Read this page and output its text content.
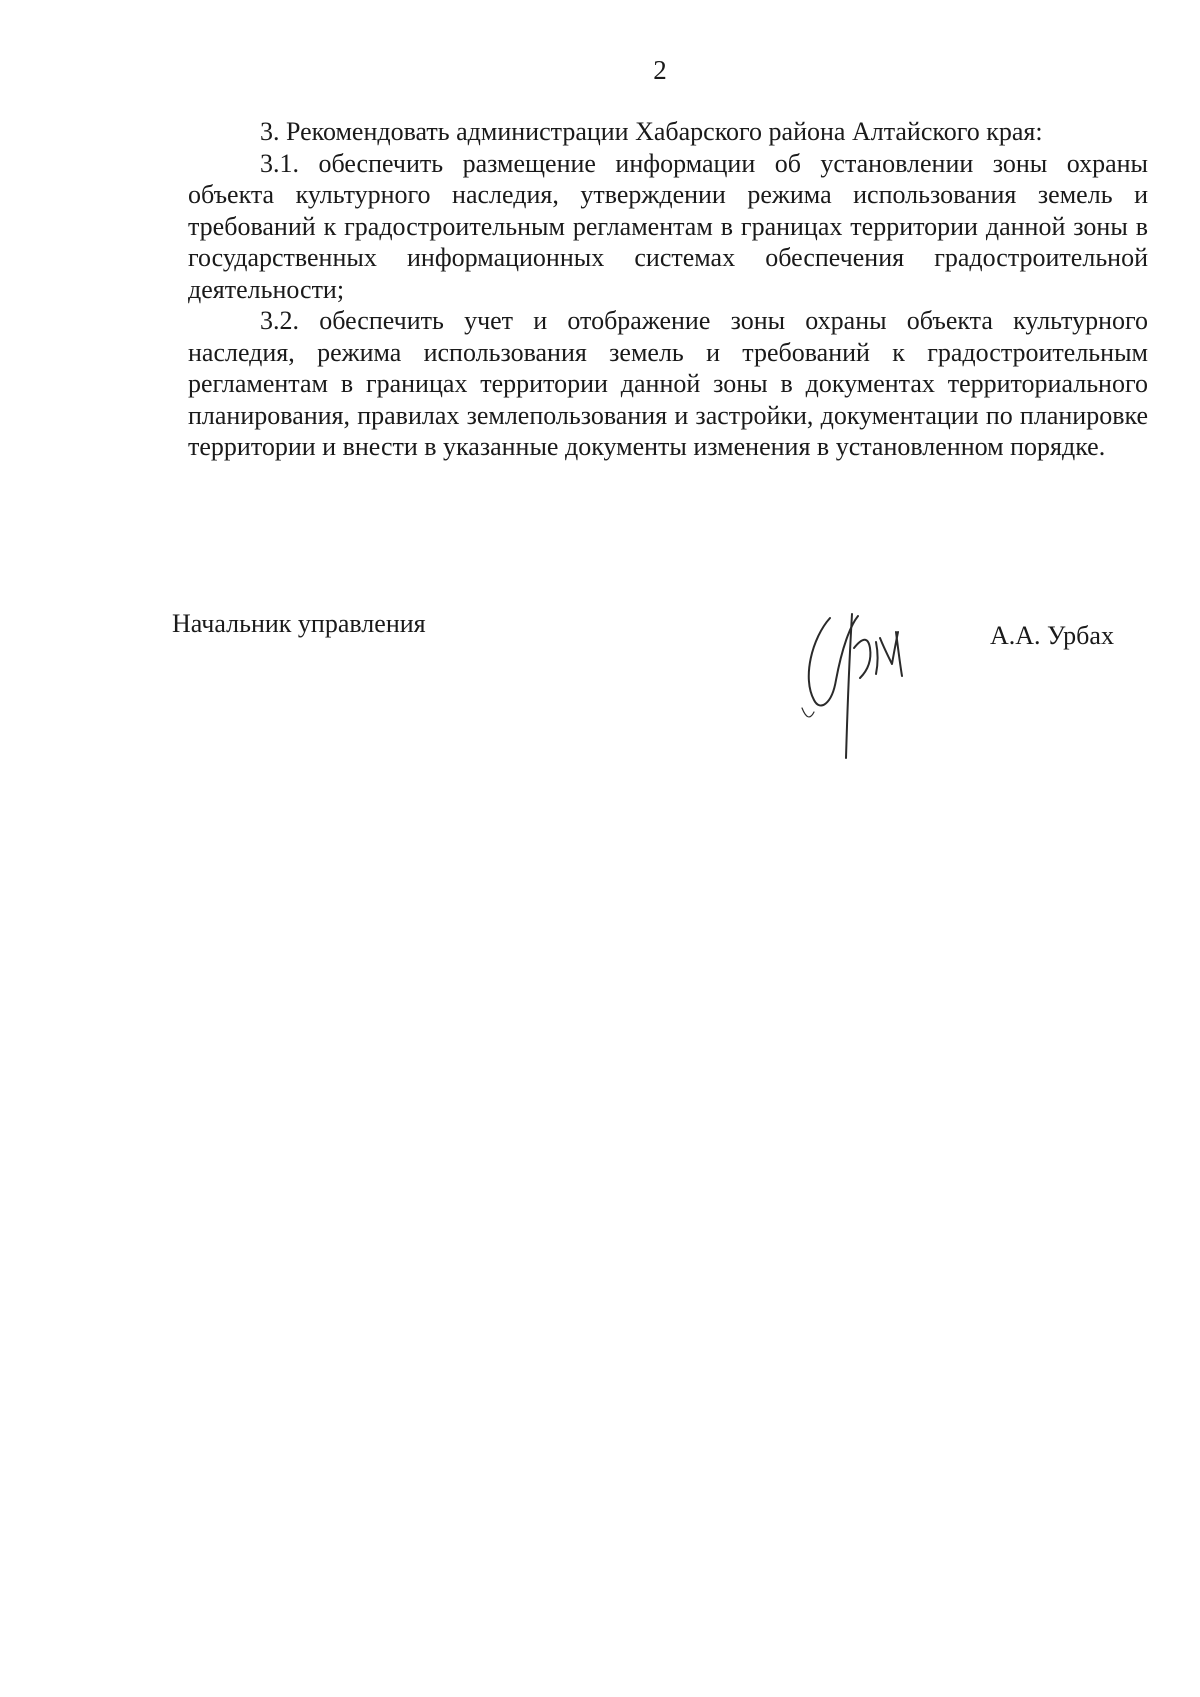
2

3. Рекомендовать администрации Хабарского района Алтайского края:

3.1. обеспечить размещение информации об установлении зоны охраны объекта культурного наследия, утверждении режима использования земель и требований к градостроительным регламентам в границах территории данной зоны в государственных информационных системах обеспечения градостроительной деятельности;

3.2. обеспечить учет и отображение зоны охраны объекта культурного наследия, режима использования земель и требований к градостроительным регламентам в границах территории данной зоны в документах территориального планирования, правилах землепользования и застройки, документации по планировке территории и внести в указанные документы изменения в установленном порядке.

Начальник управления	А.А. Урбах
